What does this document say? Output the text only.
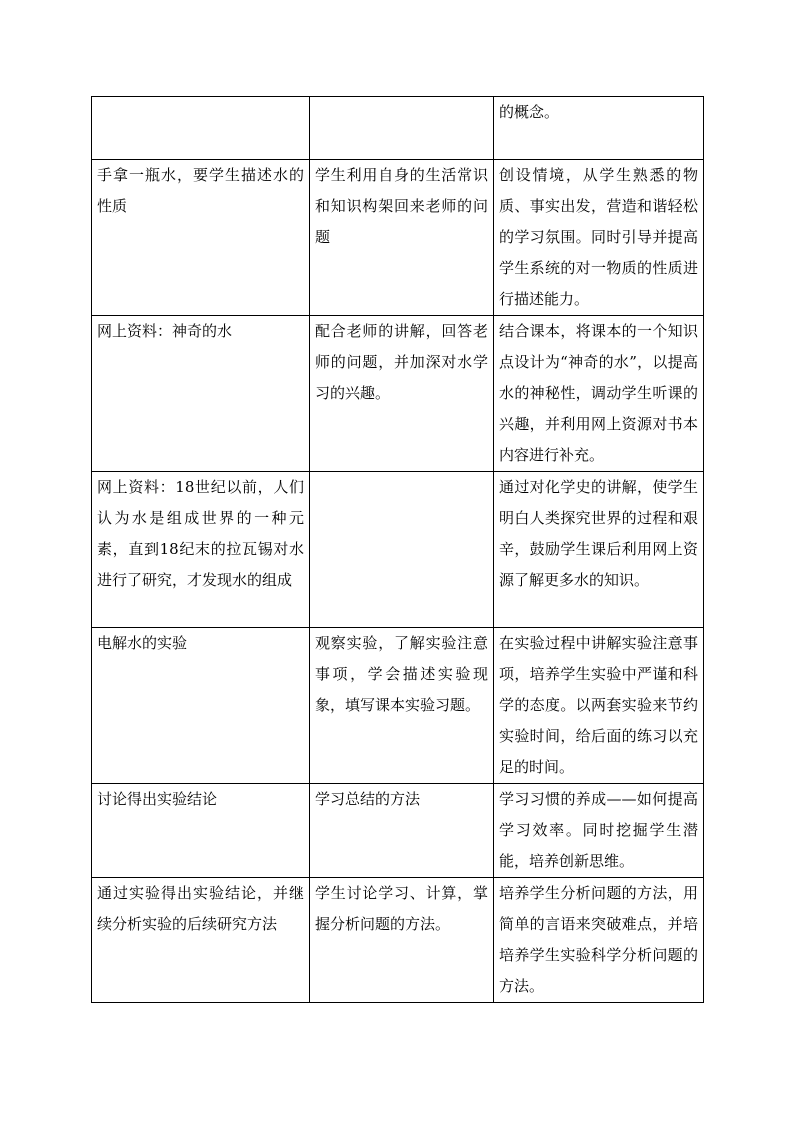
		的概念。
手拿一瓶水，要学生描述水的性质	学生利用自身的生活常识和知识构架回来老师的问题	创设情境，从学生熟悉的物质、事实出发，营造和谐轻松的学习氛围。同时引导并提高学生系统的对一物质的性质进行描述能力。
网上资料：神奇的水	配合老师的讲解，回答老师的问题，并加深对水学习的兴趣。	结合课本，将课本的一个知识点设计为“神奇的水”，以提高水的神秘性，调动学生听课的兴趣，并利用网上资源对书本内容进行补充。
网上资料：18世纪以前，人们认为水是组成世界的一种元素，直到18纪末的拉瓦锡对水进行了研究，才发现水的组成		通过对化学史的讲解，使学生明白人类探究世界的过程和艰辛，鼓励学生课后利用网上资源了解更多水的知识。
电解水的实验	观察实验，了解实验注意事项，学会描述实验现象，填写课本实验习题。	在实验过程中讲解实验注意事项，培养学生实验中严谨和科学的态度。以两套实验来节约实验时间，给后面的练习以充足的时间。
讨论得出实验结论	学习总结的方法	学习习惯的养成——如何提高学习效率。同时挖掘学生潜能，培养创新思维。
通过实验得出实验结论，并继续分析实验的后续研究方法	学生讨论学习、计算，掌握分析问题的方法。	培养学生分析问题的方法，用简单的言语来突破难点，并培培养学生实验科学分析问题的方法。
